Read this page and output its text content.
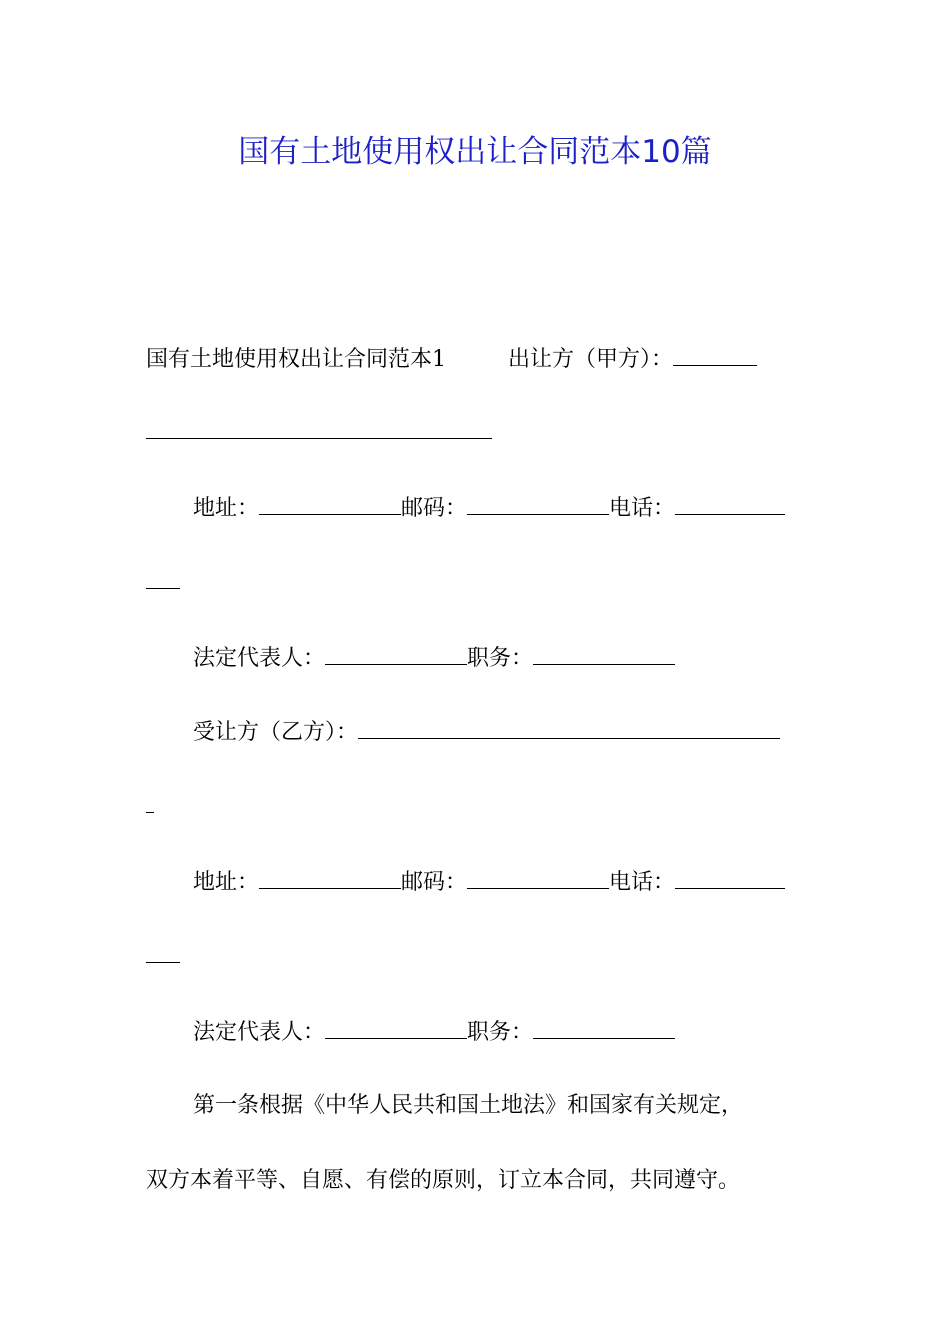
国有土地使用权出让合同范本10篇
国有土地使用权出让合同范本1	出让方（甲方）：
地址：	邮码：	电话：
法定代表人：	职务：
受让方（乙方）：
地址：	邮码：	电话：
法定代表人：	职务：
第一条根据《中华人民共和国土地法》和国家有关规定，
双方本着平等、自愿、有偿的原则，订立本合同，共同遵守。
